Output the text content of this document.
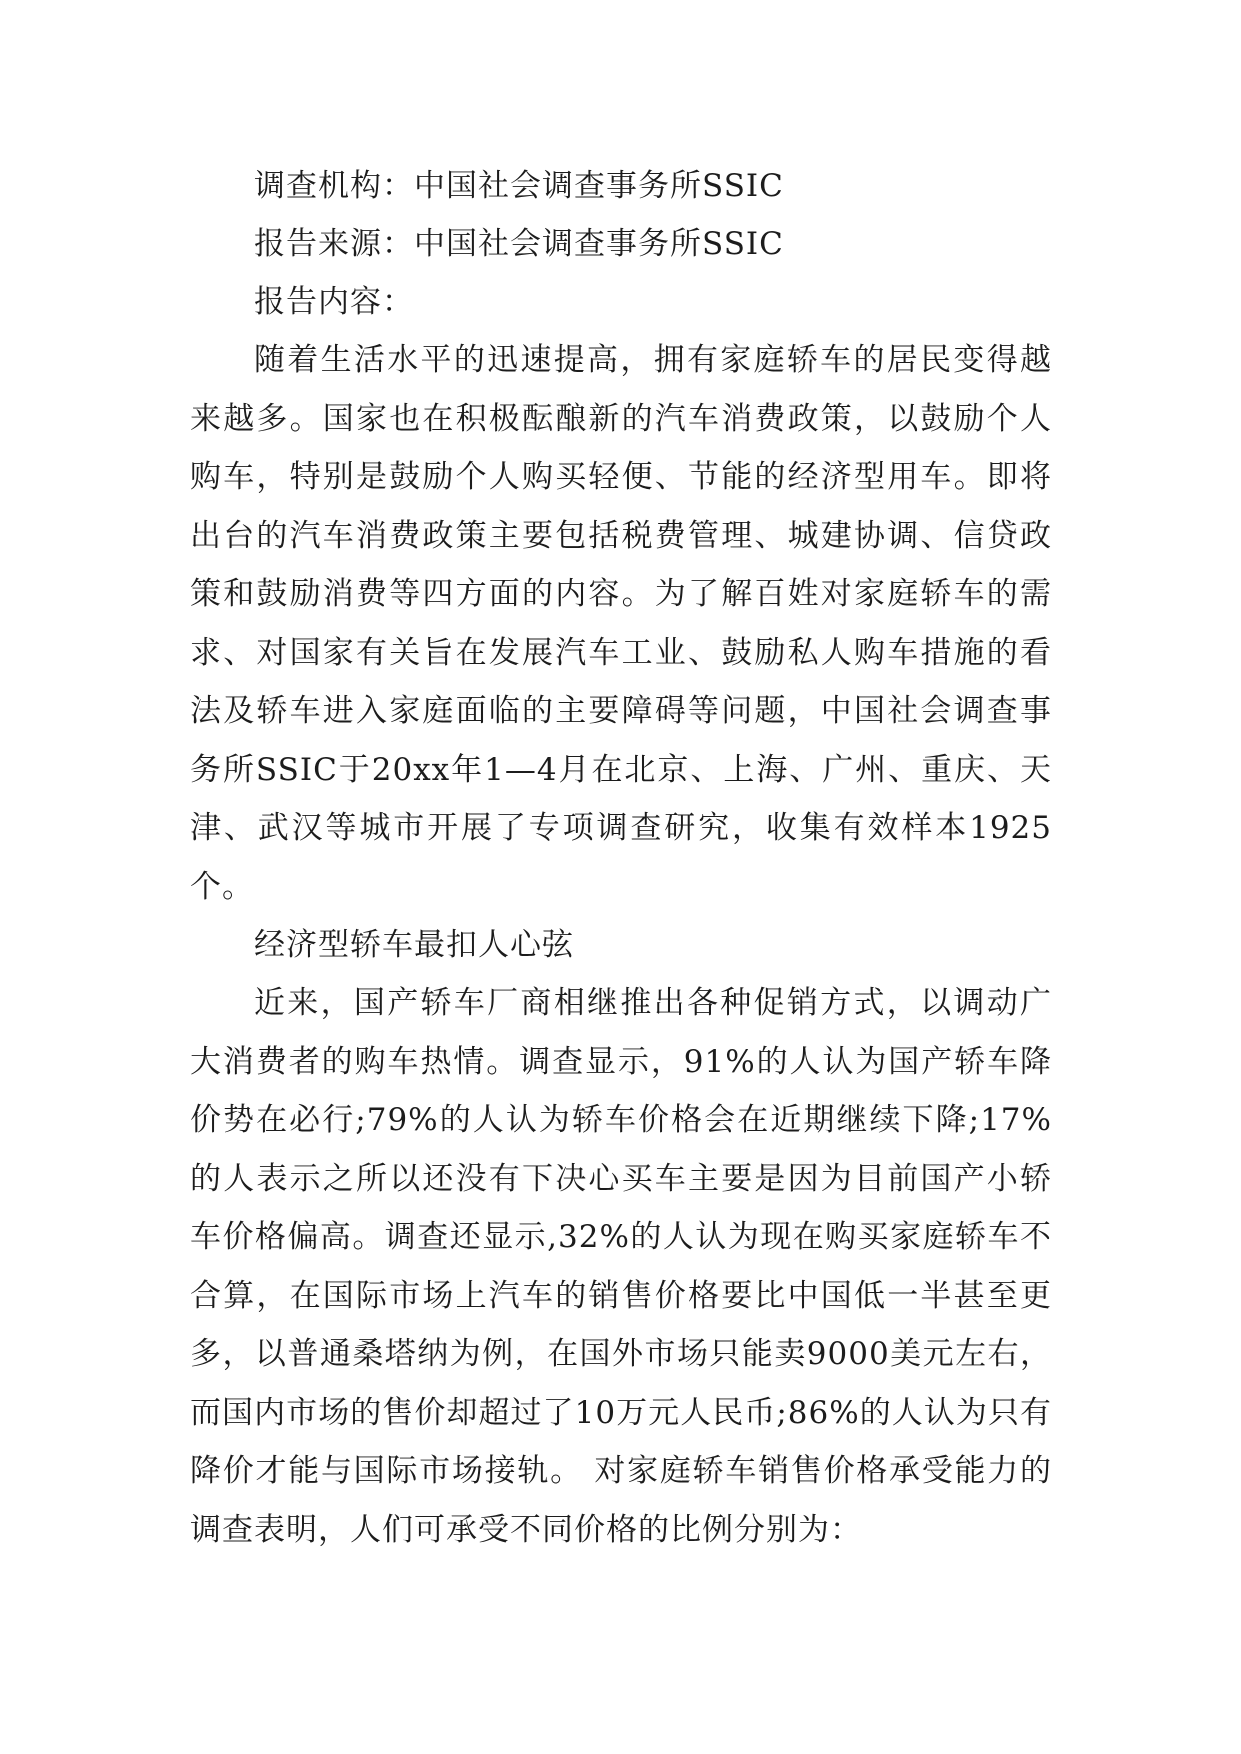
调查机构：中国社会调查事务所SSIC
报告来源：中国社会调查事务所SSIC
报告内容：

随着生活水平的迅速提高，拥有家庭轿车的居民变得越来越多。国家也在积极酝酿新的汽车消费政策，以鼓励个人购车，特别是鼓励个人购买轻便、节能的经济型用车。即将出台的汽车消费政策主要包括税费管理、城建协调、信贷政策和鼓励消费等四方面的内容。为了解百姓对家庭轿车的需求、对国家有关旨在发展汽车工业、鼓励私人购车措施的看法及轿车进入家庭面临的主要障碍等问题，中国社会调查事务所SSIC于20xx年1—4月在北京、上海、广州、重庆、天津、武汉等城市开展了专项调查研究，收集有效样本1925个。

经济型轿车最扣人心弦

近来，国产轿车厂商相继推出各种促销方式，以调动广大消费者的购车热情。调查显示，91%的人认为国产轿车降价势在必行;79%的人认为轿车价格会在近期继续下降;17%的人表示之所以还没有下决心买车主要是因为目前国产小轿车价格偏高。调查还显示,32%的人认为现在购买家庭轿车不合算，在国际市场上汽车的销售价格要比中国低一半甚至更多，以普通桑塔纳为例，在国外市场只能卖9000美元左右，而国内市场的售价却超过了10万元人民币;86%的人认为只有降价才能与国际市场接轨。 对家庭轿车销售价格承受能力的调查表明，人们可承受不同价格的比例分别为：
